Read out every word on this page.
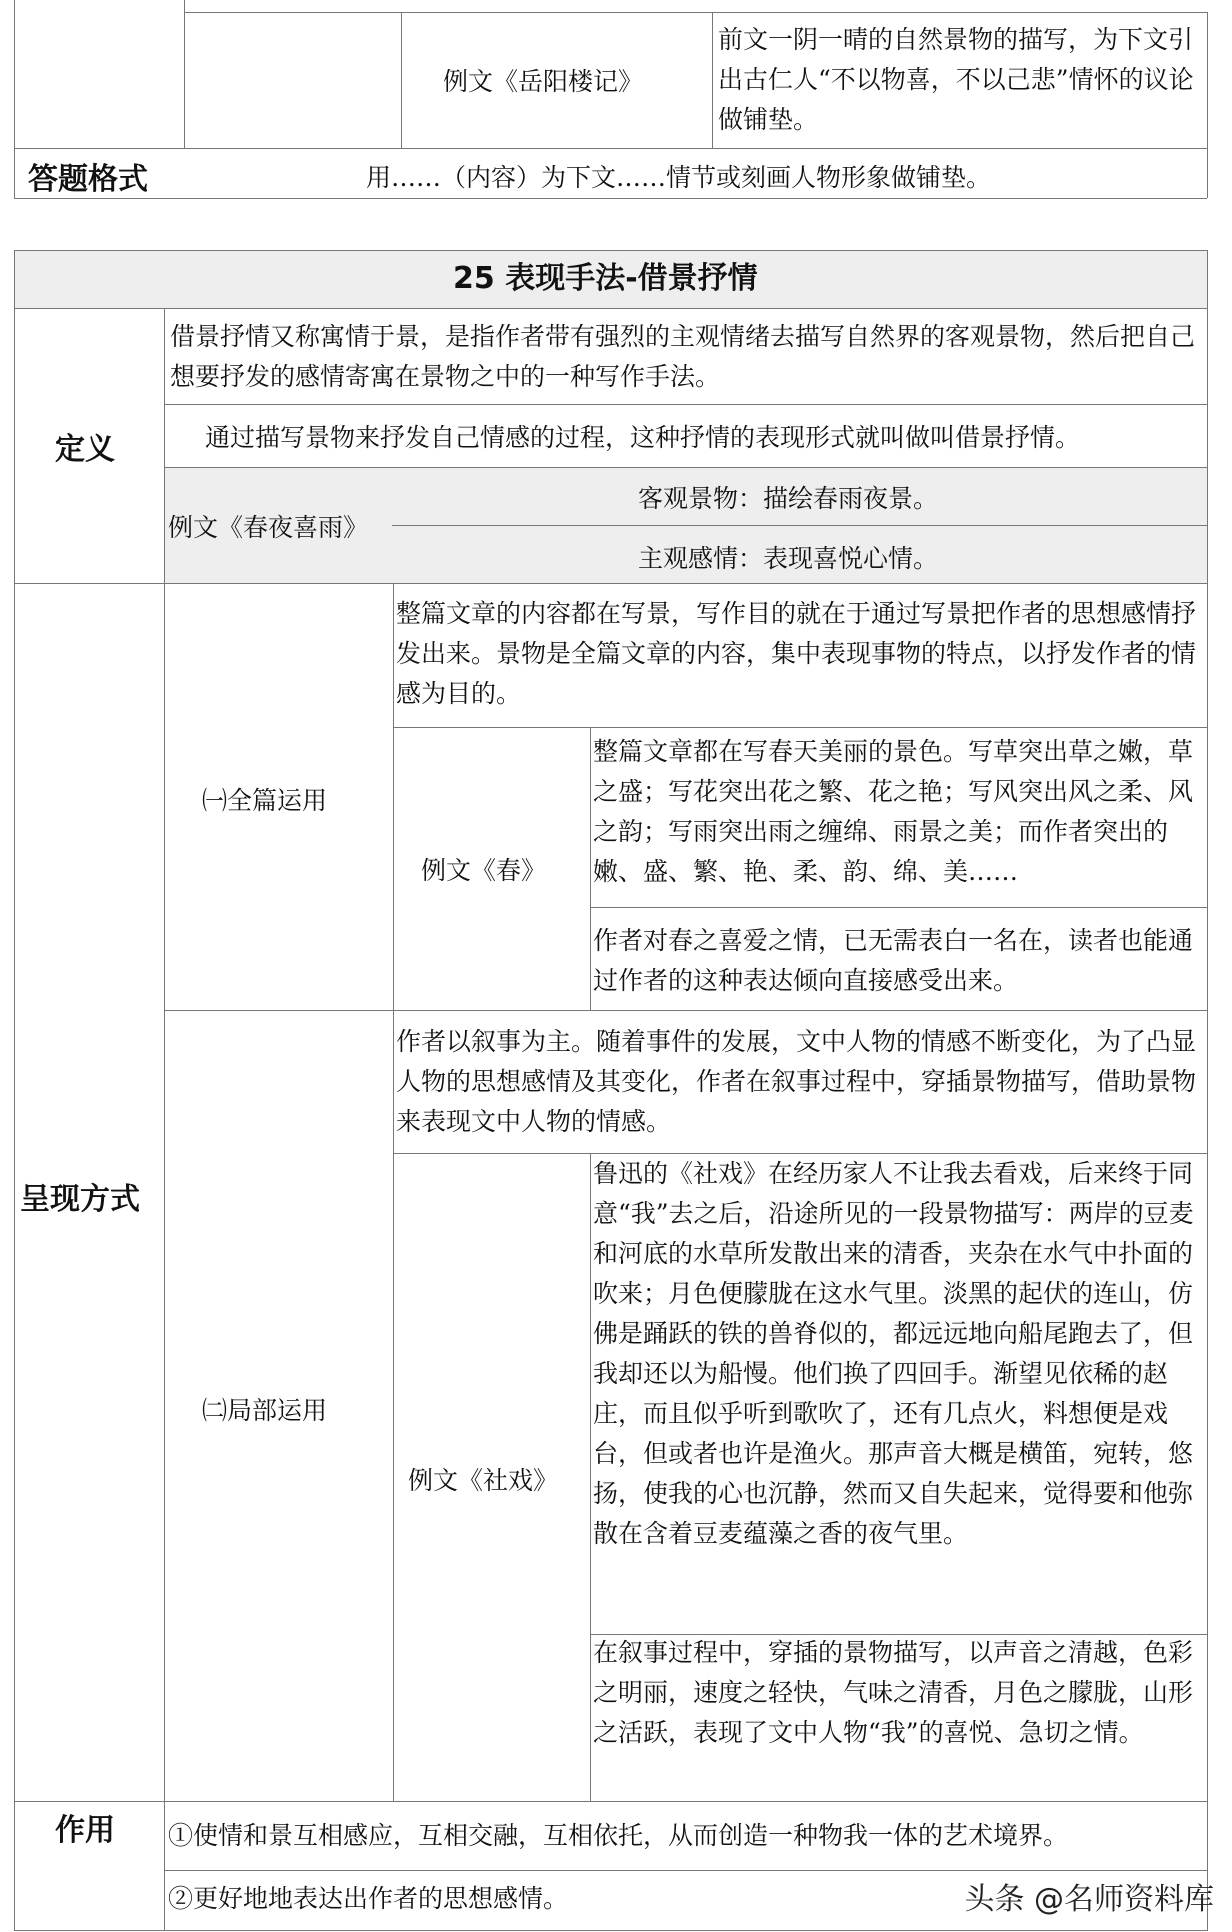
例文《岳阳楼记》
前文一阴一晴的自然景物的描写，为下文引出古仁人“不以物喜，不以己悲”情怀的议论做铺垫。
答题格式	用……（内容）为下文……情节或刻画人物形象做铺垫。
25 表现手法-借景抒情
定义
借景抒情又称寓情于景，是指作者带有强烈的主观情绪去描写自然界的客观景物，然后把自己想要抒发的感情寄寓在景物之中的一种写作手法。
通过描写景物来抒发自己情感的过程，这种抒情的表现形式就叫做叫借景抒情。
例文《春夜喜雨》
客观景物：描绘春雨夜景。
主观感情：表现喜悦心情。
呈现方式
㈠全篇运用
整篇文章的内容都在写景，写作目的就在于通过写景把作者的思想感情抒发出来。景物是全篇文章的内容，集中表现事物的特点，以抒发作者的情感为目的。
例文《春》
整篇文章都在写春天美丽的景色。写草突出草之嫩，草之盛；写花突出花之繁、花之艳；写风突出风之柔、风之韵；写雨突出雨之缠绵、雨景之美；而作者突出的嫩、盛、繁、艳、柔、韵、绵、美……
作者对春之喜爱之情，已无需表白一名在，读者也能通过作者的这种表达倾向直接感受出来。
㈡局部运用
作者以叙事为主。随着事件的发展，文中人物的情感不断变化，为了凸显人物的思想感情及其变化，作者在叙事过程中，穿插景物描写，借助景物来表现文中人物的情感。
例文《社戏》
鲁迅的《社戏》在经历家人不让我去看戏，后来终于同意“我”去之后，沿途所见的一段景物描写：两岸的豆麦和河底的水草所发散出来的清香，夹杂在水气中扑面的吹来；月色便朦胧在这水气里。淡黑的起伏的连山，仿佛是踊跃的铁的兽脊似的，都远远地向船尾跑去了，但我却还以为船慢。他们换了四回手。渐望见依稀的赵庄，而且似乎听到歌吹了，还有几点火，料想便是戏台，但或者也许是渔火。那声音大概是横笛，宛转，悠扬，使我的心也沉静，然而又自失起来，觉得要和他弥散在含着豆麦蕴藻之香的夜气里。
在叙事过程中，穿插的景物描写，以声音之清越，色彩之明丽，速度之轻快，气味之清香，月色之朦胧，山形之活跃，表现了文中人物“我”的喜悦、急切之情。
作用 ①使情和景互相感应，互相交融，互相依托，从而创造一种物我一体的艺术境界。
②更好地地表达出作者的思想感情。	头条 @名师资料库
